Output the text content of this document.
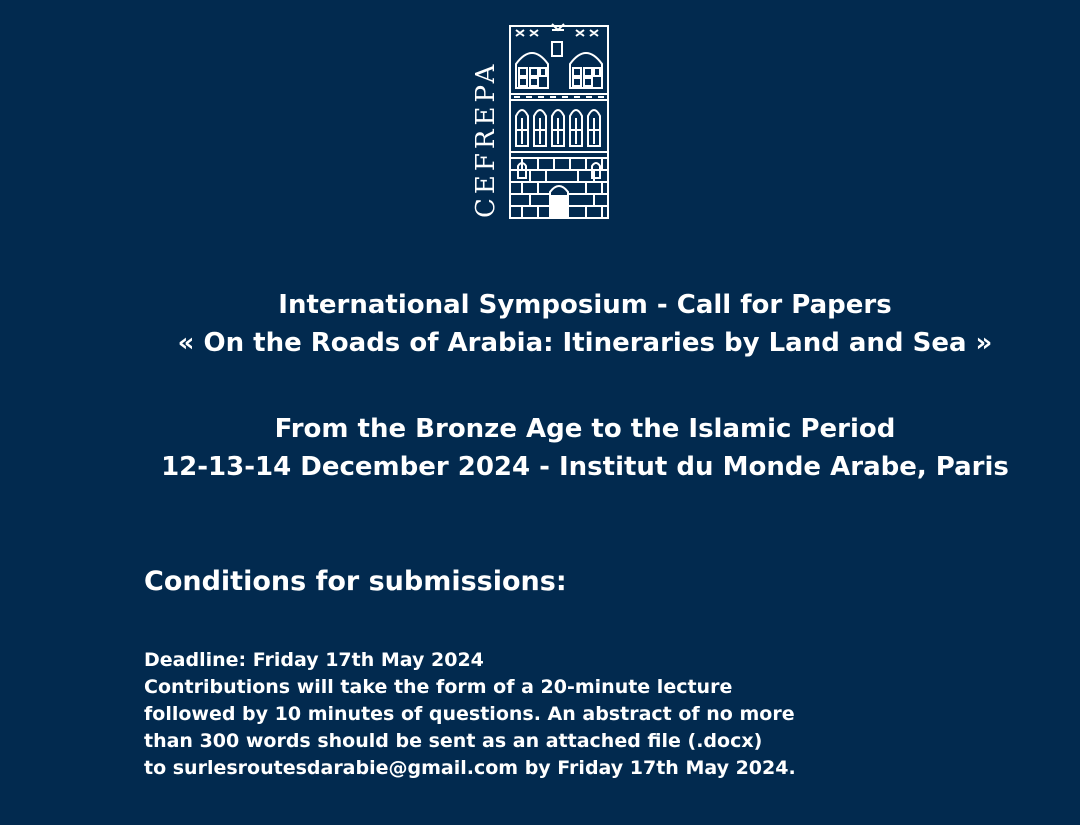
CEFREPA
International Symposium - Call for Papers
« On the Roads of Arabia: Itineraries by Land and Sea »
From the Bronze Age to the Islamic Period
12-13-14 December 2024 - Institut du Monde Arabe, Paris
Conditions for submissions:
Deadline: Friday 17th May 2024
Contributions will take the form of a 20-minute lecture
followed by 10 minutes of questions. An abstract of no more
than 300 words should be sent as an attached file (.docx)
to surlesroutesdarabie@gmail.com by Friday 17th May 2024.
